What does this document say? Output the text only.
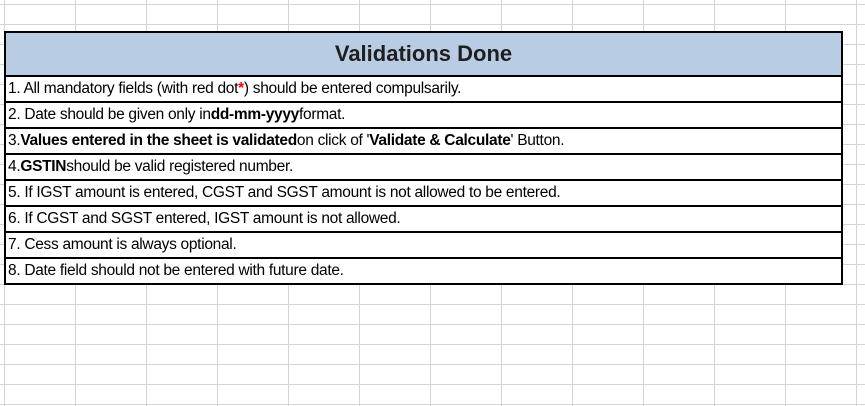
Validations Done
1. All mandatory fields (with red dot * ) should be entered compulsarily.
2. Date should be given only in dd-mm-yyyy format.
3. Values entered in the sheet is validated on click of ' Validate & Calculate ' Button.
4. GSTIN should be valid registered number.
5. If IGST amount is entered, CGST and SGST amount is not allowed to be entered.
6. If CGST and SGST entered, IGST amount is not allowed.
7. Cess amount is always optional.
8. Date field should not be entered with future date.
